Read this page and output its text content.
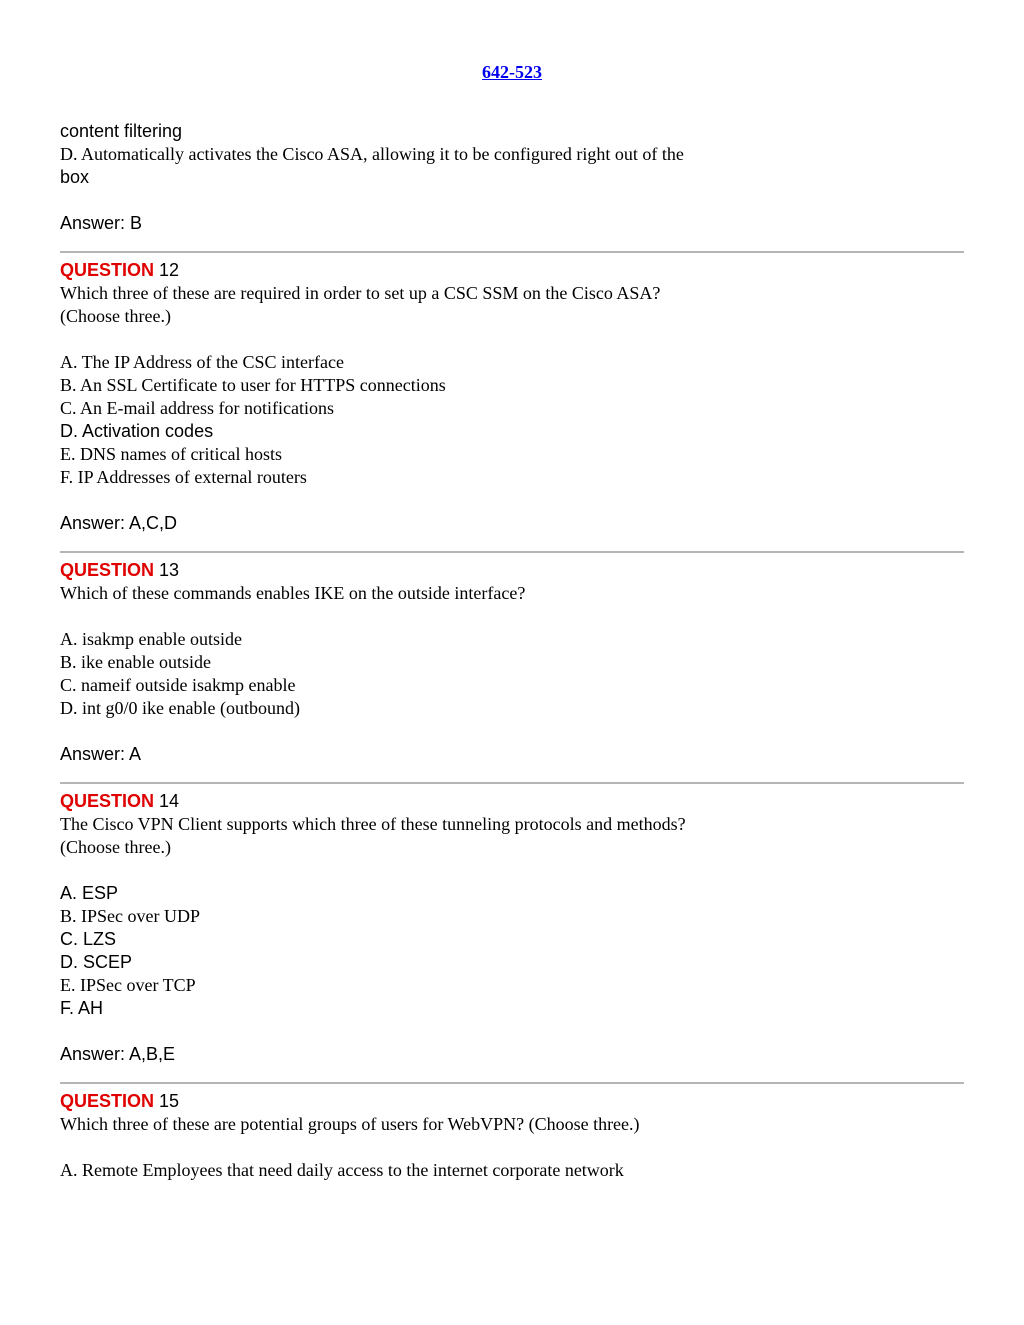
642-523
content filtering
D. Automatically activates the Cisco ASA, allowing it to be configured right out of the
box
Answer: B
QUESTION 12
Which three of these are required in order to set up a CSC SSM on the Cisco ASA?
(Choose three.)
A. The IP Address of the CSC interface
B. An SSL Certificate to user for HTTPS connections
C. An E-mail address for notifications
D. Activation codes
E. DNS names of critical hosts
F. IP Addresses of external routers
Answer: A,C,D
QUESTION 13
Which of these commands enables IKE on the outside interface?
A. isakmp enable outside
B. ike enable outside
C. nameif outside isakmp enable
D. int g0/0 ike enable (outbound)
Answer: A
QUESTION 14
The Cisco VPN Client supports which three of these tunneling protocols and methods?
(Choose three.)
A. ESP
B. IPSec over UDP
C. LZS
D. SCEP
E. IPSec over TCP
F. AH
Answer: A,B,E
QUESTION 15
Which three of these are potential groups of users for WebVPN? (Choose three.)
A. Remote Employees that need daily access to the internet corporate network
